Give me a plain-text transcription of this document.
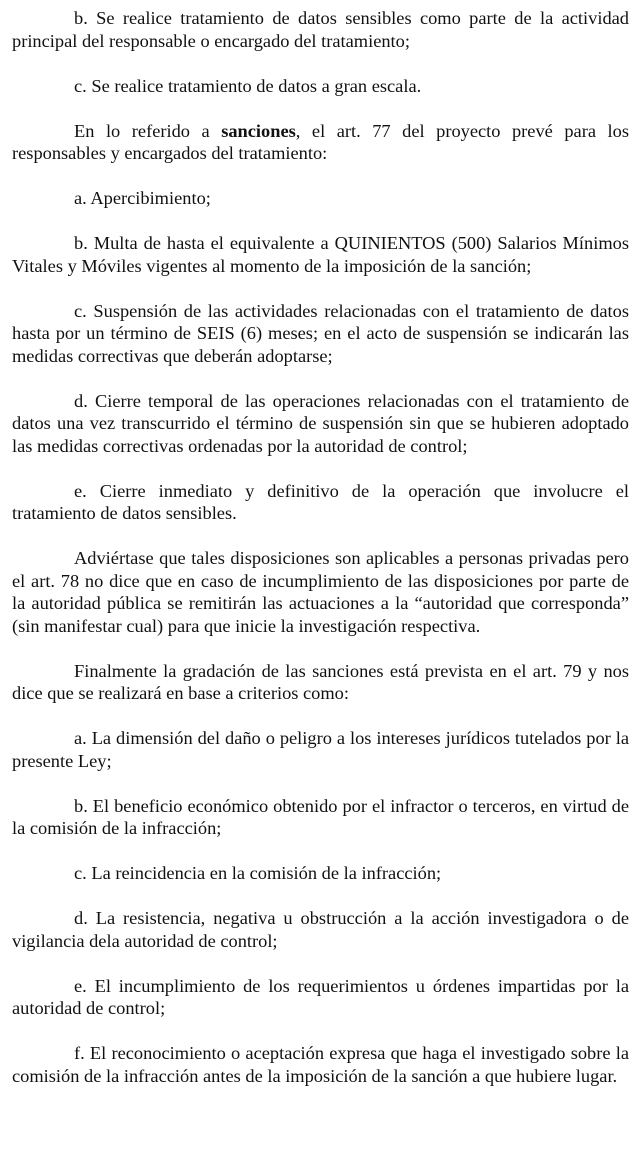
b. Se realice tratamiento de datos sensibles como parte de la actividad principal del responsable o encargado del tratamiento;

c. Se realice tratamiento de datos a gran escala.

En lo referido a sanciones, el art. 77 del proyecto prevé para los responsables y encargados del tratamiento:

a. Apercibimiento;

b. Multa de hasta el equivalente a QUINIENTOS (500) Salarios Mínimos Vitales y Móviles vigentes al momento de la imposición de la sanción;

c. Suspensión de las actividades relacionadas con el tratamiento de datos hasta por un término de SEIS (6) meses; en el acto de suspensión se indicarán las medidas correctivas que deberán adoptarse;

d. Cierre temporal de las operaciones relacionadas con el tratamiento de datos una vez transcurrido el término de suspensión sin que se hubieren adoptado las medidas correctivas ordenadas por la autoridad de control;

e. Cierre inmediato y definitivo de la operación que involucre el tratamiento de datos sensibles.

Adviértase que tales disposiciones son aplicables a personas privadas pero el art. 78 no dice que en caso de incumplimiento de las disposiciones por parte de la autoridad pública se remitirán las actuaciones a la “autoridad que corresponda” (sin manifestar cual) para que inicie la investigación respectiva.

Finalmente la gradación de las sanciones está prevista en el art. 79 y nos dice que se realizará en base a criterios como:

a. La dimensión del daño o peligro a los intereses jurídicos tutelados por la presente Ley;

b. El beneficio económico obtenido por el infractor o terceros, en virtud de la comisión de la infracción;

c. La reincidencia en la comisión de la infracción;

d. La resistencia, negativa u obstrucción a la acción investigadora o de vigilancia dela autoridad de control;

e. El incumplimiento de los requerimientos u órdenes impartidas por la autoridad de control;

f. El reconocimiento o aceptación expresa que haga el investigado sobre la comisión de la infracción antes de la imposición de la sanción a que hubiere lugar.
